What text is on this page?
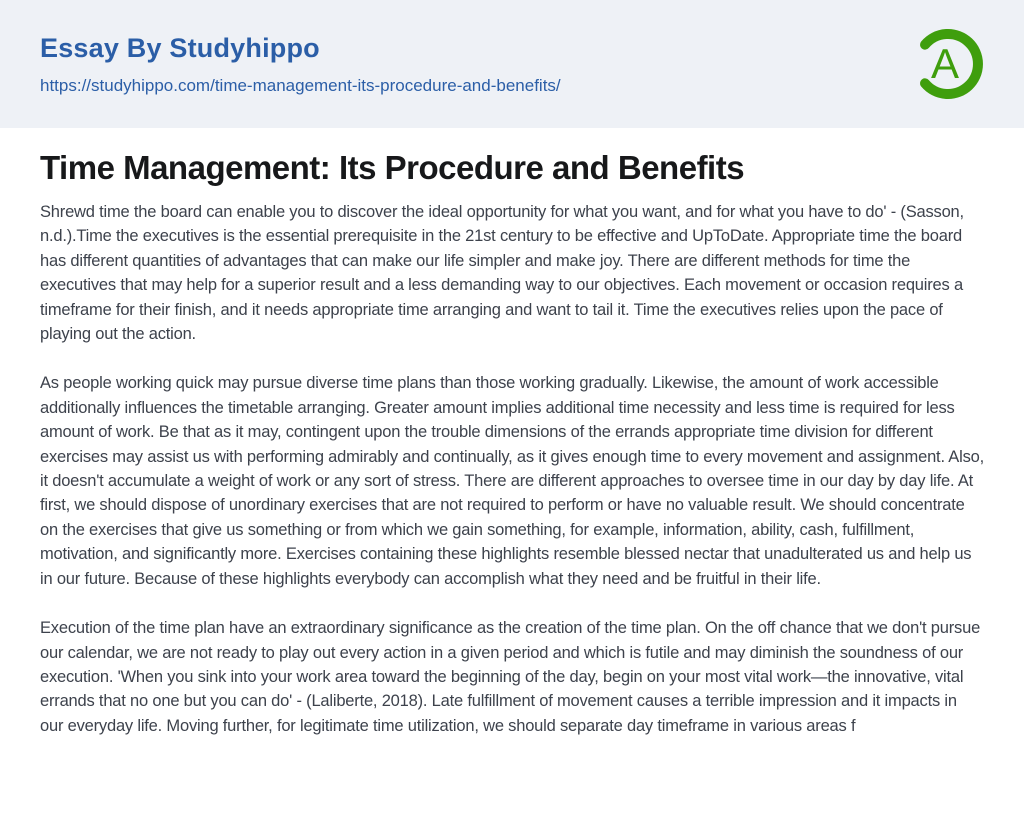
Essay By Studyhippo
https://studyhippo.com/time-management-its-procedure-and-benefits/	A
Time Management: Its Procedure and Benefits

Shrewd time the board can enable you to discover the ideal opportunity for what you want, and for what you have to do' - (Sasson, n.d.).Time the executives is the essential prerequisite in the 21st century to be effective and UpToDate. Appropriate time the board has different quantities of advantages that can make our life simpler and make joy. There are different methods for time the executives that may help for a superior result and a less demanding way to our objectives. Each movement or occasion requires a timeframe for their finish, and it needs appropriate time arranging and want to tail it. Time the executives relies upon the pace of playing out the action.

As people working quick may pursue diverse time plans than those working gradually. Likewise, the amount of work accessible additionally influences the timetable arranging. Greater amount implies additional time necessity and less time is required for less amount of work. Be that as it may, contingent upon the trouble dimensions of the errands appropriate time division for different exercises may assist us with performing admirably and continually, as it gives enough time to every movement and assignment. Also, it doesn't accumulate a weight of work or any sort of stress. There are different approaches to oversee time in our day by day life. At first, we should dispose of unordinary exercises that are not required to perform or have no valuable result. We should concentrate on the exercises that give us something or from which we gain something, for example, information, ability, cash, fulfillment, motivation, and significantly more. Exercises containing these highlights resemble blessed nectar that unadulterated us and help us in our future. Because of these highlights everybody can accomplish what they need and be fruitful in their life.

Execution of the time plan have an extraordinary significance as the creation of the time plan. On the off chance that we don't pursue our calendar, we are not ready to play out every action in a given period and which is futile and may diminish the soundness of our execution. 'When you sink into your work area toward the beginning of the day, begin on your most vital work—the innovative, vital errands that no one but you can do' - (Laliberte, 2018). Late fulfillment of movement causes a terrible impression and it impacts in our everyday life. Moving further, for legitimate time utilization, we should separate day timeframe in various areas f
